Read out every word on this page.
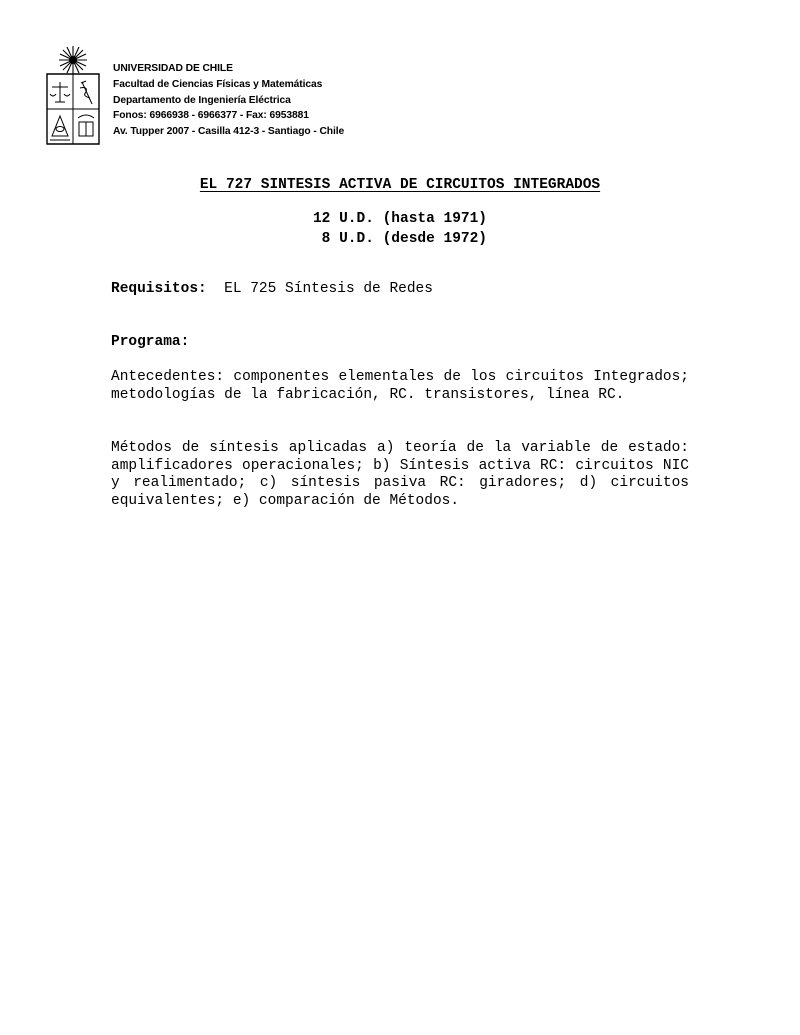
UNIVERSIDAD DE CHILE
Facultad de Ciencias Físicas y Matemáticas
Departamento de Ingeniería Eléctrica
Fonos: 6966938 - 6966377 - Fax: 6953881
Av. Tupper 2007 - Casilla 412-3 - Santiago - Chile
EL 727 SINTESIS ACTIVA DE CIRCUITOS INTEGRADOS
12 U.D. (hasta 1971)
8 U.D. (desde 1972)
Requisitos: EL 725 Síntesis de Redes
Programa:
Antecedentes: componentes elementales de los circuitos Integrados; metodologías de la fabricación, RC. transistores, línea RC.
Métodos de síntesis aplicadas a) teoría de la variable de estado: amplificadores operacionales; b) Síntesis activa RC: circuitos NIC y realimentado; c) síntesis pasiva RC: giradores; d) circuitos equivalentes; e) comparación de Métodos.
